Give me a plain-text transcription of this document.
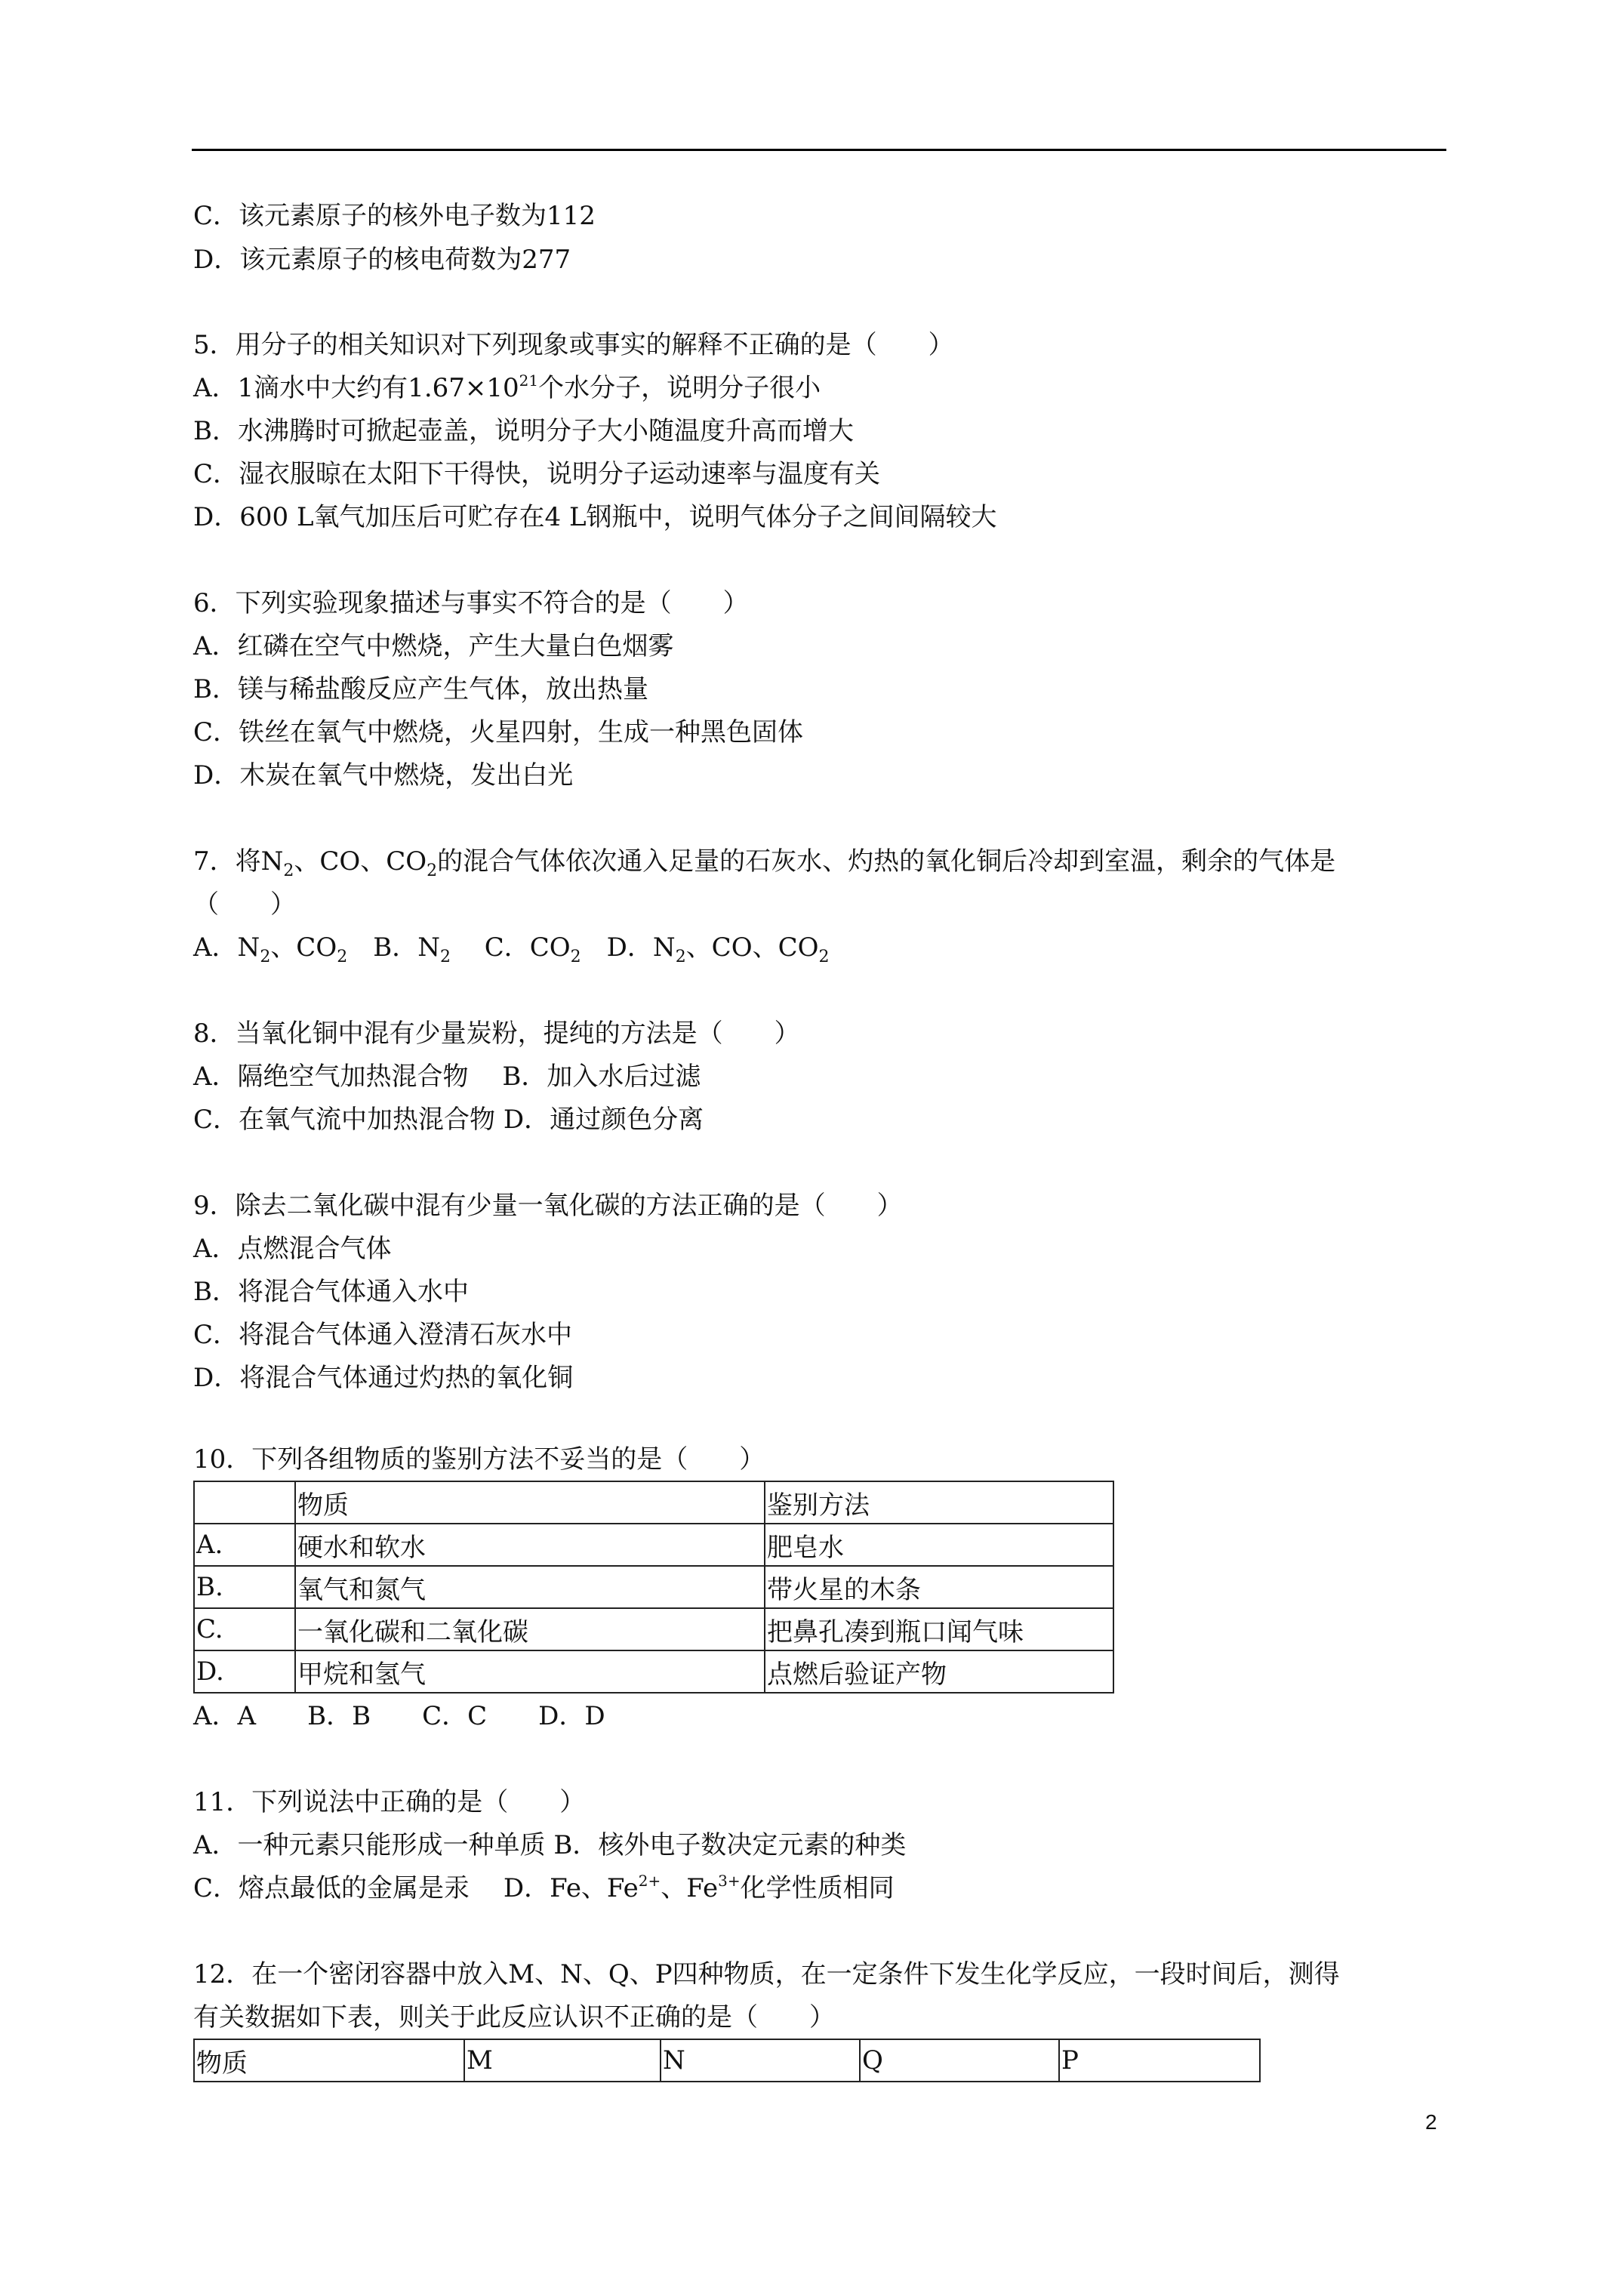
C．该元素原子的核外电子数为112
D．该元素原子的核电荷数为277
5．用分子的相关知识对下列现象或事实的解释不正确的是（　　）
A．1滴水中大约有$1.67\times 10^{21}$个水分子，说明分子很小
B．水沸腾时可掀起壶盖，说明分子大小随温度升高而增大
C．湿衣服晾在太阳下干得快，说明分子运动速率与温度有关
D．600 L氧气加压后可贮存在4 L钢瓶中，说明气体分子之间间隔较大
6．下列实验现象描述与事实不符合的是（　　）
A．红磷在空气中燃烧，产生大量白色烟雾
B．镁与稀盐酸反应产生气体，放出热量
C．铁丝在氧气中燃烧，火星四射，生成一种黑色固体
D．木炭在氧气中燃烧，发出白光
7．将$N_2$、CO、$CO_2$的混合气体依次通入足量的石灰水、灼热的氧化铜后冷却到室温，剩余的气体是
（　　）
A．$N_2$、$CO_2$　B．$N_2$　 C．$CO_2$　D．$N_2$、CO、$CO_2$
8．当氧化铜中混有少量炭粉，提纯的方法是（　　）
A．隔绝空气加热混合物　 B．加入水后过滤
C．在氧气流中加热混合物 D．通过颜色分离
9．除去二氧化碳中混有少量一氧化碳的方法正确的是（　　）
A．点燃混合气体
B．将混合气体通入水中
C．将混合气体通入澄清石灰水中
D．将混合气体通过灼热的氧化铜
10．下列各组物质的鉴别方法不妥当的是（　　）
	物质	鉴别方法
A.	硬水和软水	肥皂水
B.	氧气和氮气	带火星的木条
C.	一氧化碳和二氧化碳	把鼻孔凑到瓶口闻气味
D.	甲烷和氢气	点燃后验证产物
A．A　　B．B　　C．C　　D．D
11．下列说法中正确的是（　　）
A．一种元素只能形成一种单质 B．核外电子数决定元素的种类
C．熔点最低的金属是汞　 D．Fe、$Fe^{2+}$、$Fe^{3+}$化学性质相同
12．在一个密闭容器中放入M、N、Q、P四种物质，在一定条件下发生化学反应，一段时间后，测得
有关数据如下表，则关于此反应认识不正确的是（　　）
物质	M	N	Q	P
2
